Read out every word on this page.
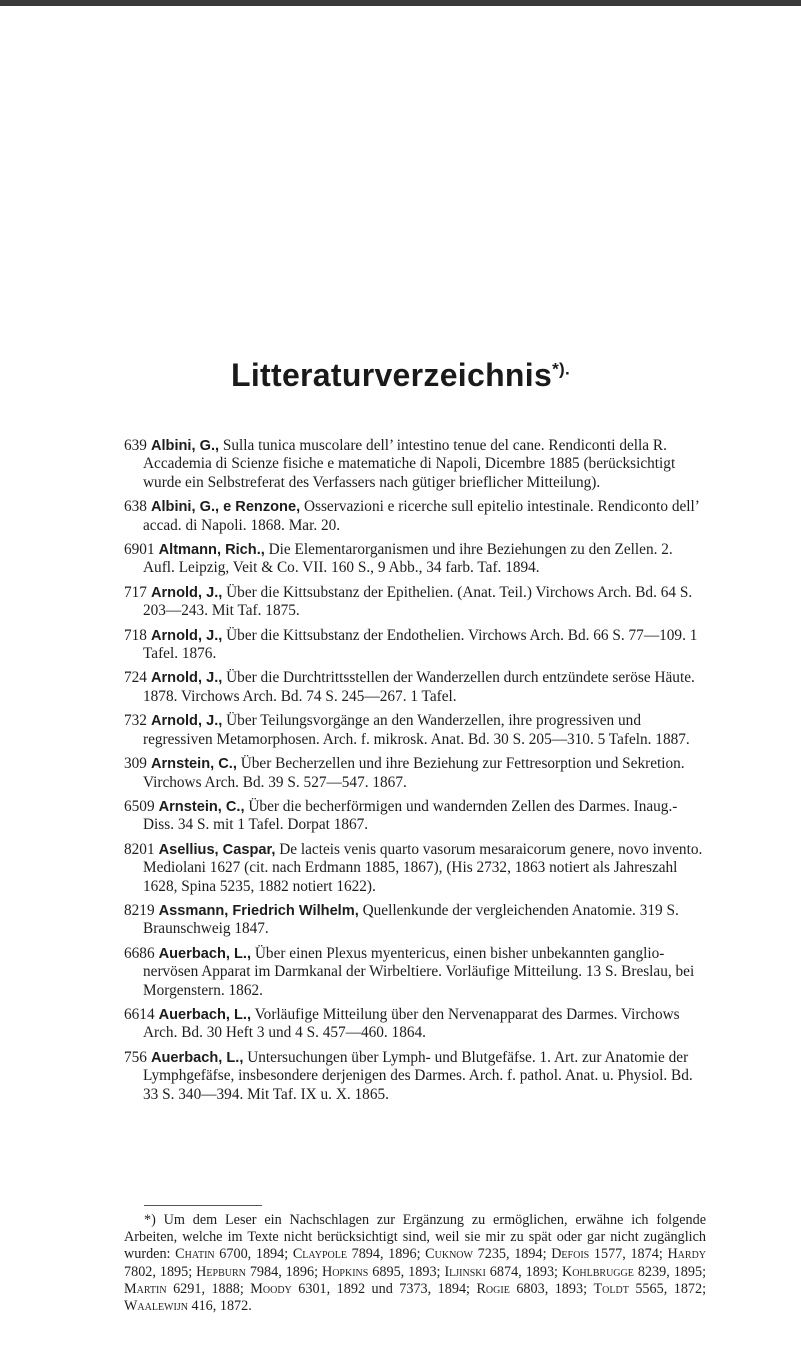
Litteraturverzeichnis*).
639 Albini, G., Sulla tunica muscolare dell’ intestino tenue del cane. Rendiconti della R. Accademia di Scienze fisiche e matematiche di Napoli, Dicembre 1885 (berücksichtigt wurde ein Selbstreferat des Verfassers nach gütiger brieflicher Mitteilung).
638 Albini, G., e Renzone, Osservazioni e ricerche sull epitelio intestinale. Rendiconto dell’ accad. di Napoli. 1868. Mar. 20.
6901 Altmann, Rich., Die Elementarorganismen und ihre Beziehungen zu den Zellen. 2. Aufl. Leipzig, Veit & Co. VII. 160 S., 9 Abb., 34 farb. Taf. 1894.
717 Arnold, J., Über die Kittsubstanz der Epithelien. (Anat. Teil.) Virchows Arch. Bd. 64 S. 203—243. Mit Taf. 1875.
718 Arnold, J., Über die Kittsubstanz der Endothelien. Virchows Arch. Bd. 66 S. 77—109. 1 Tafel. 1876.
724 Arnold, J., Über die Durchtrittsstellen der Wanderzellen durch entzündete seröse Häute. 1878. Virchows Arch. Bd. 74 S. 245—267. 1 Tafel.
732 Arnold, J., Über Teilungsvorgänge an den Wanderzellen, ihre progressiven und regressiven Metamorphosen. Arch. f. mikrosk. Anat. Bd. 30 S. 205—310. 5 Tafeln. 1887.
309 Arnstein, C., Über Becherzellen und ihre Beziehung zur Fettresorption und Sekretion. Virchows Arch. Bd. 39 S. 527—547. 1867.
6509 Arnstein, C., Über die becherförmigen und wandernden Zellen des Darmes. Inaug.-Diss. 34 S. mit 1 Tafel. Dorpat 1867.
8201 Asellius, Caspar, De lacteis venis quarto vasorum mesaraicorum genere, novo invento. Mediolani 1627 (cit. nach Erdmann 1885, 1867), (His 2732, 1863 notiert als Jahreszahl 1628, Spina 5235, 1882 notiert 1622).
8219 Assmann, Friedrich Wilhelm, Quellenkunde der vergleichenden Anatomie. 319 S. Braunschweig 1847.
6686 Auerbach, L., Über einen Plexus myentericus, einen bisher unbekannten ganglio-nervösen Apparat im Darmkanal der Wirbeltiere. Vorläufige Mitteilung. 13 S. Breslau, bei Morgenstern. 1862.
6614 Auerbach, L., Vorläufige Mitteilung über den Nervenapparat des Darmes. Virchows Arch. Bd. 30 Heft 3 und 4 S. 457—460. 1864.
756 Auerbach, L., Untersuchungen über Lymph- und Blutgefäfse. 1. Art. zur Anatomie der Lymphgefäfse, insbesondere derjenigen des Darmes. Arch. f. pathol. Anat. u. Physiol. Bd. 33 S. 340—394. Mit Taf. IX u. X. 1865.
*) Um dem Leser ein Nachschlagen zur Ergänzung zu ermöglichen, erwähne ich folgende Arbeiten, welche im Texte nicht berücksichtigt sind, weil sie mir zu spät oder gar nicht zugänglich wurden: Chatin 6700, 1894; Claypole 7894, 1896; Cuknow 7235, 1894; Defois 1577, 1874; Hardy 7802, 1895; Hepburn 7984, 1896; Hopkins 6895, 1893; Iljinski 6874, 1893; Kohlbrugge 8239, 1895; Martin 6291, 1888; Moody 6301, 1892 und 7373, 1894; Rogie 6803, 1893; Toldt 5565, 1872; Waalewijn 416, 1872.
